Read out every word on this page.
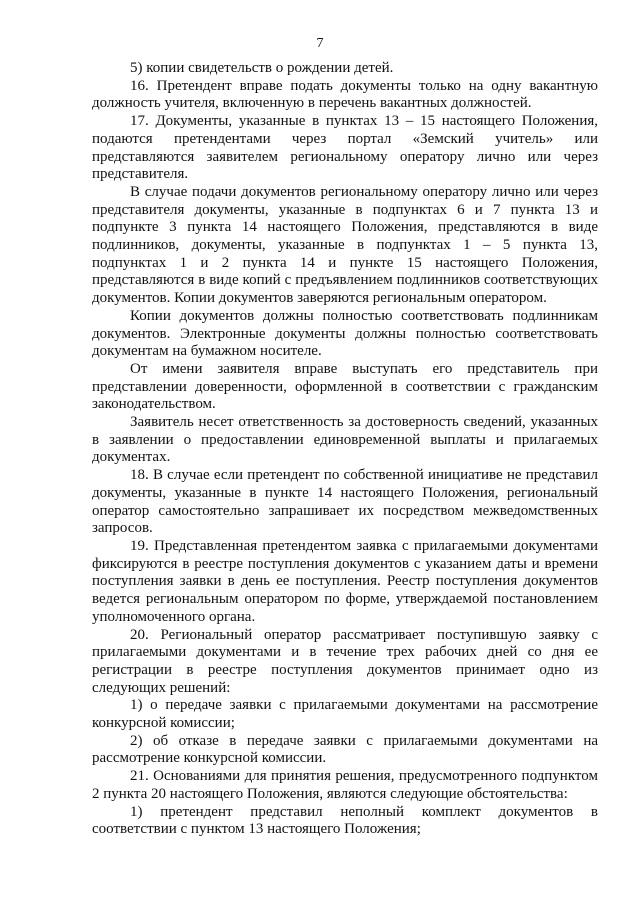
7

5) копии свидетельств о рождении детей.

16. Претендент вправе подать документы только на одну вакантную должность учителя, включенную в перечень вакантных должностей.

17. Документы, указанные в пунктах 13 – 15 настоящего Положения, подаются претендентами через портал «Земский учитель» или представляются заявителем региональному оператору лично или через представителя.

В случае подачи документов региональному оператору лично или через представителя документы, указанные в подпунктах 6 и 7 пункта 13 и подпункте 3 пункта 14 настоящего Положения, представляются в виде подлинников, документы, указанные в подпунктах 1 – 5 пункта 13, подпунктах 1 и 2 пункта 14 и пункте 15 настоящего Положения, представляются в виде копий с предъявлением подлинников соответствующих документов. Копии документов заверяются региональным оператором.

Копии документов должны полностью соответствовать подлинникам документов. Электронные документы должны полностью соответствовать документам на бумажном носителе.

От имени заявителя вправе выступать его представитель при представлении доверенности, оформленной в соответствии с гражданским законодательством.

Заявитель несет ответственность за достоверность сведений, указанных в заявлении о предоставлении единовременной выплаты и прилагаемых документах.

18. В случае если претендент по собственной инициативе не представил документы, указанные в пункте 14 настоящего Положения, региональный оператор самостоятельно запрашивает их посредством межведомственных запросов.

19. Представленная претендентом заявка с прилагаемыми документами фиксируются в реестре поступления документов с указанием даты и времени поступления заявки в день ее поступления. Реестр поступления документов ведется региональным оператором по форме, утверждаемой постановлением уполномоченного органа.

20. Региональный оператор рассматривает поступившую заявку с прилагаемыми документами и в течение трех рабочих дней со дня ее регистрации в реестре поступления документов принимает одно из следующих решений:

1) о передаче заявки с прилагаемыми документами на рассмотрение конкурсной комиссии;

2) об отказе в передаче заявки с прилагаемыми документами на рассмотрение конкурсной комиссии.

21. Основаниями для принятия решения, предусмотренного подпунктом 2 пункта 20 настоящего Положения, являются следующие обстоятельства:

1) претендент представил неполный комплект документов в соответствии с пунктом 13 настоящего Положения;
